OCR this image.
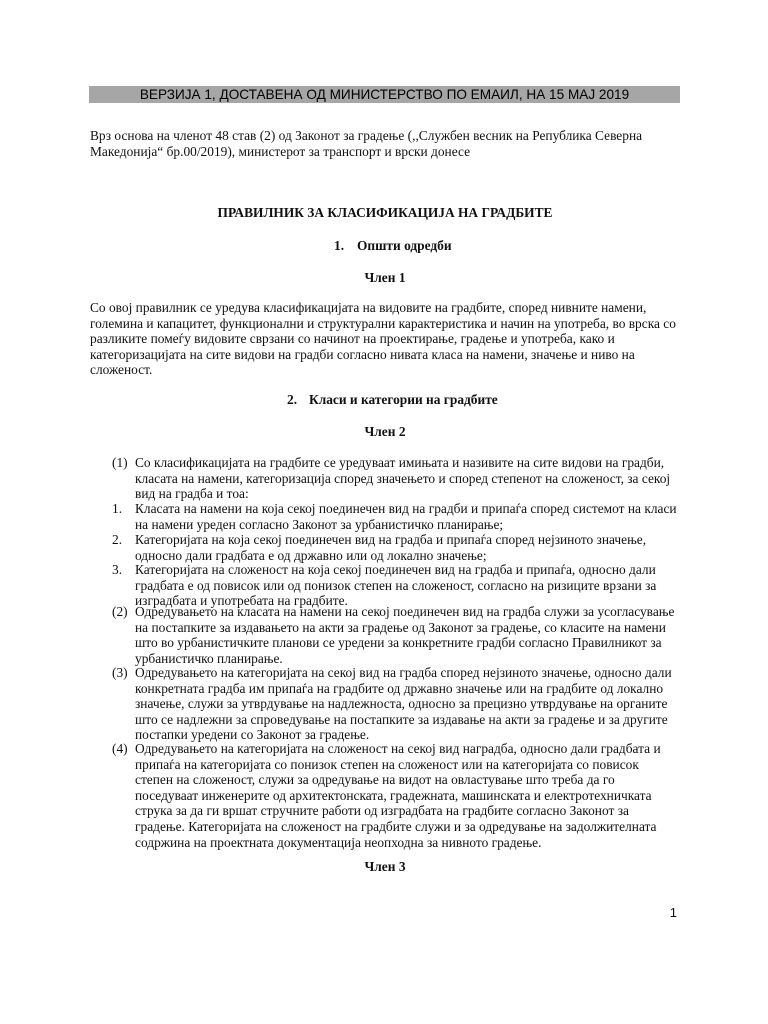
ВЕРЗИЈА 1, ДОСТАВЕНА ОД МИНИСТЕРСТВО ПО ЕМАИЛ, НА 15 МАЈ 2019
Врз основа на членот 48 став (2) од Законот за градење (,,Службен весник на Република Северна Македонија“ бр.00/2019), министерот за транспорт и врски донесе
ПРАВИЛНИК ЗА КЛАСИФИКАЦИЈА НА ГРАДБИТЕ
1. Општи одредби
Член 1
Со овој правилник се уредува класификацијата на видовите на градбите, според нивните намени, големина и капацитет, функционални и структурални карактеристика и начин на употреба, во врска со разликите помеѓу видовите сврзани со начинот на проектирање, градење и употреба, како и категоризацијата на сите видови на градби согласно нивата класа на намени, значење и ниво на сложеност.
2. Класи и категории на градбите
Член 2
(1) Со класификацијата на градбите се уредуваат имињата и називите на сите видови на градби, класата на намени, категоризација според значењето и според степенот на сложеност, за секој вид на градба и тоа:
1. Класата на намени на која секој поединечен вид на градби и припаѓа според системот на класи на намени уреден согласно Законот за урбанистичко планирање;
2. Категоријата на која секој поединечен вид на градба и припаѓа според нејзиното значење, односно дали градбата е од државно или од локално значење;
3. Категоријата на сложеност на која секој поединечен вид на градба и припаѓа, односно дали градбата е од повисок или од понизок степен на сложеност, согласно на ризиците врзани за изградбата и употребата на градбите.
(2) Одредувањето на класата на намени на секој поединечен вид на градба служи за усогласување на постапките за издавањето на акти за градење од Законот за градење, со класите на намени што во урбанистичките планови се уредени за конкретните градби согласно Правилникот за урбанистичко планирање.
(3) Одредувањето на категоријата на секој вид на градба според нејзиното значење, односно дали конкретната градба им припаѓа на градбите од државно значење или на градбите од локално значење, служи за утврдување на надлежноста, односно за прецизно утврдување на органите што се надлежни за спроведување на постапките за издавање на акти за градење и за другите постапки уредени со Законот за градење.
(4) Одредувањето на категоријата на сложеност на секој вид наградба, односно дали градбата и припаѓа на категоријата со понизок степен на сложеност или на категоријата со повисок степен на сложеност, служи за одредување на видот на овластување што треба да го поседуваат инженерите од архитектонската, градежната, машинската и електротехничката струка за да ги вршат стручните работи од изградбата на градбите согласно Законот за градење. Категоријата на сложеност на градбите служи и за одредување на задолжителната содржина на проектната документација неопходна за нивното градење.
Член 3
1
